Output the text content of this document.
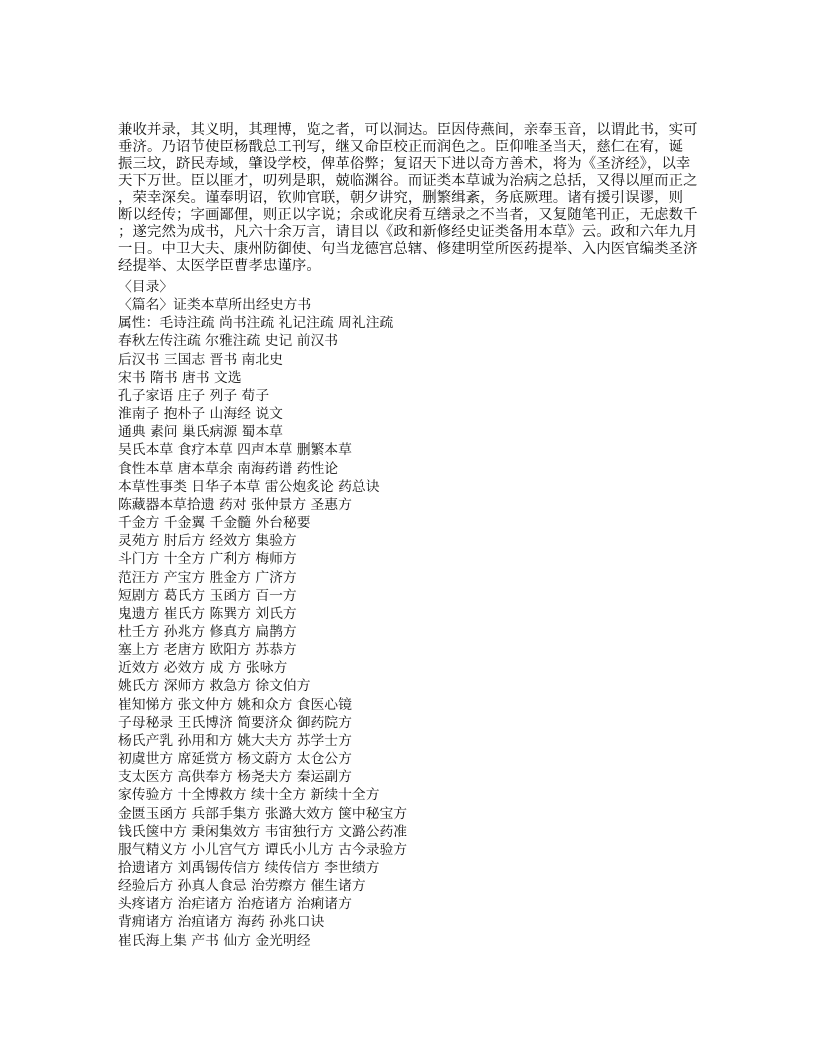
兼收并录，其义明，其理博，览之者，可以洞达。臣因侍燕间，亲奉玉音，以谓此书，实可
垂济。乃诏节使臣杨戬总工刊写，继又命臣校正而润色之。臣仰唯圣当天，慈仁在宥，诞
振三坟，跻民寿域，肇设学校，俾革俗弊；复诏天下进以奇方善术，将为《圣济经》，以幸
天下万世。臣以匪才，叨列是职，兢临渊谷。而证类本草诚为治病之总括，又得以厘而正之
，荣幸深矣。谨奉明诏，钦帅官联，朝夕讲究，删繁缉紊，务底厥理。诸有援引误谬，则
断以经传；字画鄙俚，则正以字说；余或讹戾肴互缮录之不当者，又复随笔刊正，无虑数千
；遂完然为成书，凡六十余万言，请目以《政和新修经史证类备用本草》云。政和六年九月
一日。中卫大夫、康州防御使、句当龙德宫总辖、修建明堂所医药提举、入内医官编类圣济
经提举、太医学臣曹孝忠谨序。
〈目录〉
〈篇名〉证类本草所出经史方书
属性：毛诗注疏 尚书注疏 礼记注疏 周礼注疏
春秋左传注疏 尔雅注疏 史记 前汉书
后汉书 三国志 晋书 南北史
宋书 隋书 唐书 文选
孔子家语 庄子 列子 荀子
淮南子 抱朴子 山海经 说文
通典 素问 巢氏病源 蜀本草
吴氏本草 食疗本草 四声本草 删繁本草
食性本草 唐本草余 南海药谱 药性论
本草性事类 日华子本草 雷公炮炙论 药总诀
陈藏器本草拾遗 药对 张仲景方 圣惠方
千金方 千金翼 千金髓 外台秘要
灵苑方 肘后方 经效方 集验方
斗门方 十全方 广利方 梅师方
范汪方 产宝方 胜金方 广济方
短剧方 葛氏方 玉函方 百一方
鬼遗方 崔氏方 陈巽方 刘氏方
杜壬方 孙兆方 修真方 扁鹊方
塞上方 老唐方 欧阳方 苏恭方
近效方 必效方 成 方 张咏方
姚氏方 深师方 救急方 徐文伯方
崔知悌方 张文仲方 姚和众方 食医心镜
子母秘录 王氏博济 简要济众 御药院方
杨氏产乳 孙用和方 姚大夫方 苏学士方
初虞世方 席延赏方 杨文蔚方 太仓公方
支太医方 高供奉方 杨尧夫方 秦运副方
家传验方 十全博救方 续十全方 新续十全方
金匮玉函方 兵部手集方 张潞大效方 箧中秘宝方
钱氏箧中方 秉闲集效方 韦宙独行方 文潞公药准
服气精义方 小儿宫气方 谭氏小儿方 古今录验方
拾遗诸方 刘禹锡传信方 续传信方 李世绩方
经验后方 孙真人食忌 治劳瘵方 催生诸方
头疼诸方 治疟诸方 治疮诸方 治痢诸方
背痈诸方 治疽诸方 海药 孙兆口诀
崔氏海上集 产书 仙方 金光明经
